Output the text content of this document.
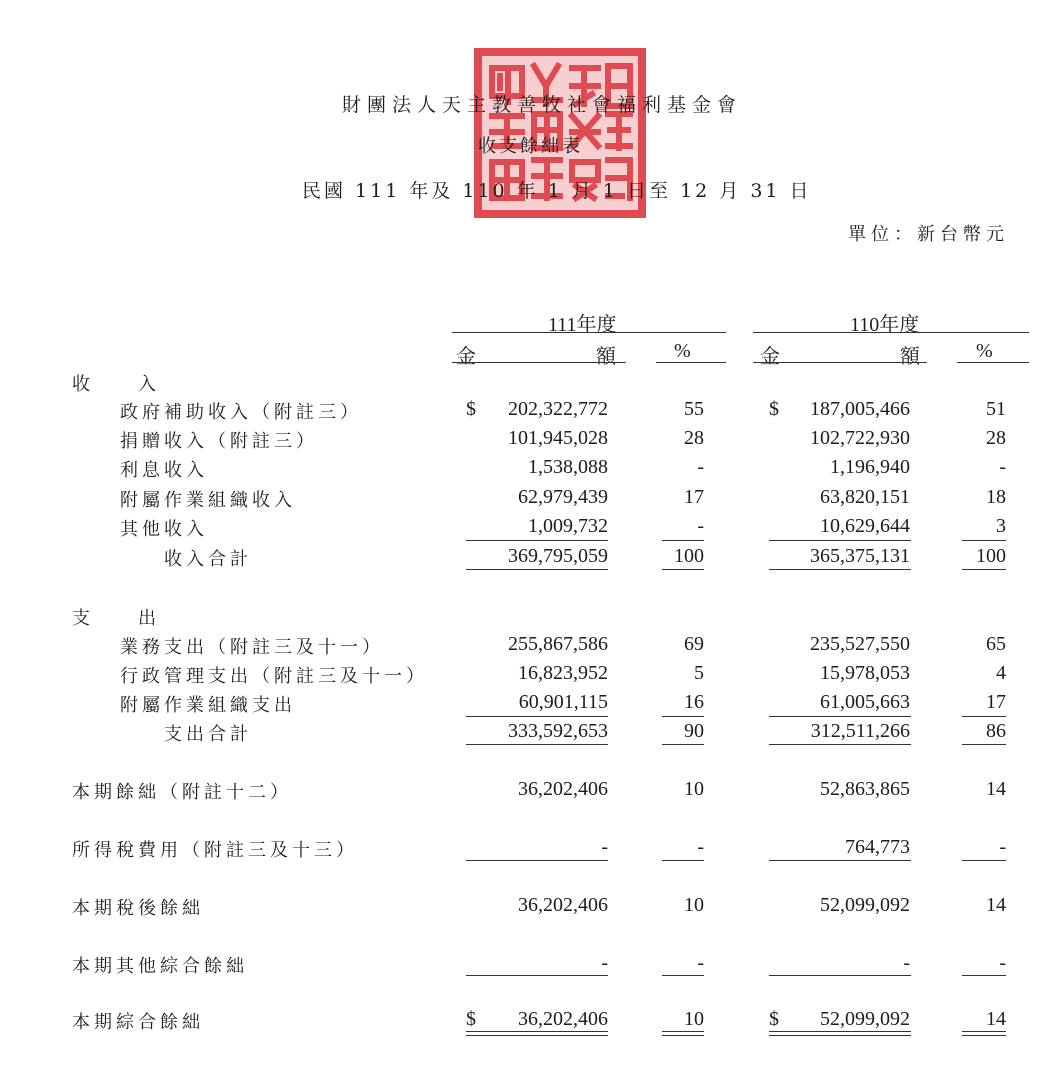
財團法人天主教善牧社會福利基金會
收支餘絀表
民國 111 年及 110 年 1 月 1 日至 12 月 31 日
單位：新台幣元
111年度	110年度
金　　　　　　額	%	金　　　　　　額	%
收　　入
政府補助收入（附註三）	$	202,322,772	55	$	187,005,466	51
捐贈收入（附註三）	101,945,028	28	102,722,930	28
利息收入	1,538,088	-	1,196,940	-
附屬作業組織收入	62,979,439	17	63,820,151	18
其他收入	1,009,732	-	10,629,644	3
收入合計	369,795,059	100	365,375,131	100
支　　出
業務支出（附註三及十一）	255,867,586	69	235,527,550	65
行政管理支出（附註三及十一）	16,823,952	5	15,978,053	4
附屬作業組織支出	60,901,115	16	61,005,663	17
支出合計	333,592,653	90	312,511,266	86
本期餘絀（附註十二）	36,202,406	10	52,863,865	14
所得稅費用（附註三及十三）	-	-	764,773	-
本期稅後餘絀	36,202,406	10	52,099,092	14
本期其他綜合餘絀	-	-	-	-
本期綜合餘絀	$	36,202,406	10	$	52,099,092	14
